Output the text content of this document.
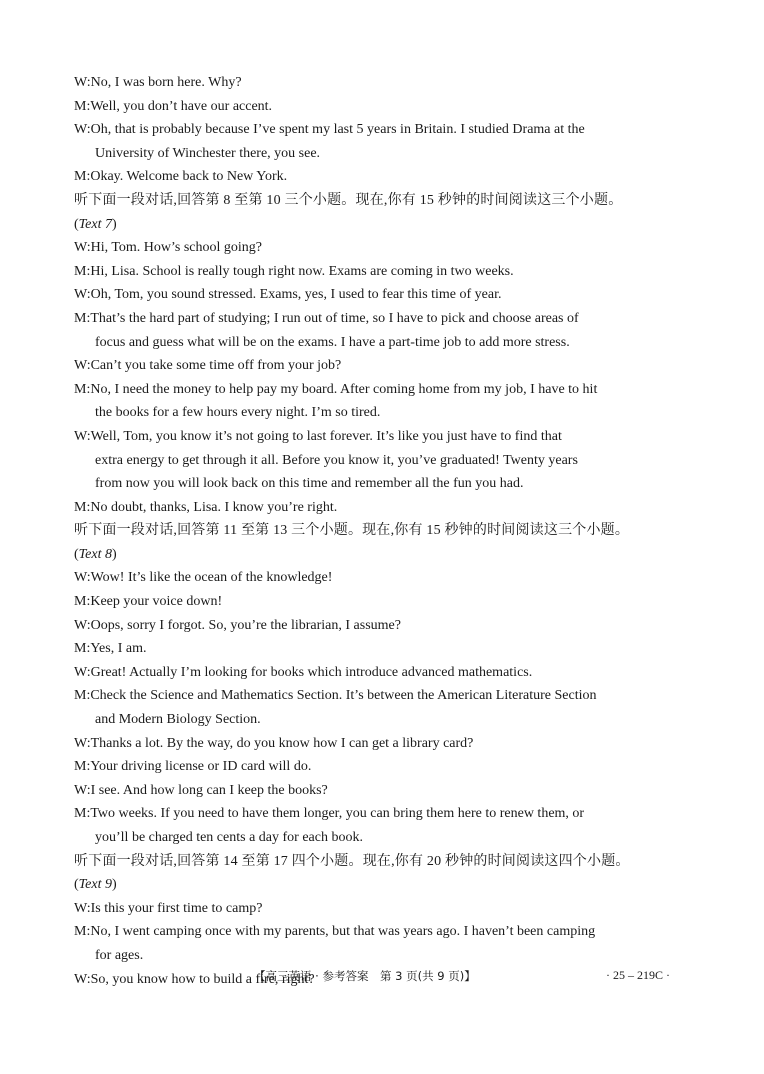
W:No, I was born here. Why?
M:Well, you don’t have our accent.
W:Oh, that is probably because I’ve spent my last 5 years in Britain. I studied Drama at the
University of Winchester there, you see.
M:Okay. Welcome back to New York.
听下面一段对话,回答第 8 至第 10 三个小题。现在,你有 15 秒钟的时间阅读这三个小题。
(Text 7)
W:Hi, Tom. How’s school going?
M:Hi, Lisa. School is really tough right now. Exams are coming in two weeks.
W:Oh, Tom, you sound stressed. Exams, yes, I used to fear this time of year.
M:That’s the hard part of studying; I run out of time, so I have to pick and choose areas of
focus and guess what will be on the exams. I have a part-time job to add more stress.
W:Can’t you take some time off from your job?
M:No, I need the money to help pay my board. After coming home from my job, I have to hit
the books for a few hours every night. I’m so tired.
W:Well, Tom, you know it’s not going to last forever. It’s like you just have to find that
extra energy to get through it all. Before you know it, you’ve graduated! Twenty years
from now you will look back on this time and remember all the fun you had.
M:No doubt, thanks, Lisa. I know you’re right.
听下面一段对话,回答第 11 至第 13 三个小题。现在,你有 15 秒钟的时间阅读这三个小题。
(Text 8)
W:Wow! It’s like the ocean of the knowledge!
M:Keep your voice down!
W:Oops, sorry I forgot. So, you’re the librarian, I assume?
M:Yes, I am.
W:Great! Actually I’m looking for books which introduce advanced mathematics.
M:Check the Science and Mathematics Section. It’s between the American Literature Section
and Modern Biology Section.
W:Thanks a lot. By the way, do you know how I can get a library card?
M:Your driving license or ID card will do.
W:I see. And how long can I keep the books?
M:Two weeks. If you need to have them longer, you can bring them here to renew them, or
you’ll be charged ten cents a day for each book.
听下面一段对话,回答第 14 至第 17 四个小题。现在,你有 20 秒钟的时间阅读这四个小题。
(Text 9)
W:Is this your first time to camp?
M:No, I went camping once with my parents, but that was years ago. I haven’t been camping
for ages.
W:So, you know how to build a fire, right?
【高三英语 · 参考答案　第 3 页(共 9 页)】	· 25 – 219C ·
